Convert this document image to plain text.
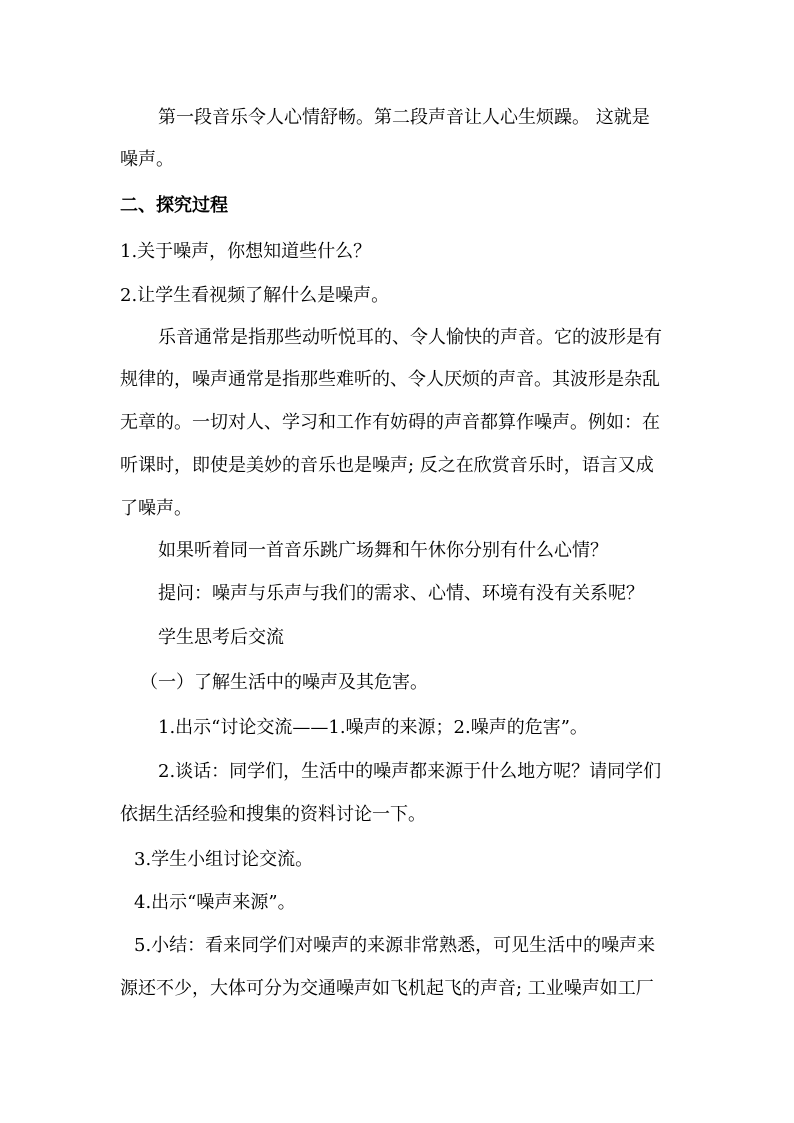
第一段音乐令人心情舒畅。第二段声音让人心生烦躁。 这就是
噪声。
二、探究过程
1.关于噪声，你想知道些什么？
2.让学生看视频了解什么是噪声。
乐音通常是指那些动听悦耳的、令人愉快的声音。它的波形是有
规律的，噪声通常是指那些难听的、令人厌烦的声音。其波形是杂乱
无章的。一切对人、学习和工作有妨碍的声音都算作噪声。例如：在
听课时，即使是美妙的音乐也是噪声; 反之在欣赏音乐时，语言又成
了噪声。
如果听着同一首音乐跳广场舞和午休你分别有什么心情？
提问：噪声与乐声与我们的需求、心情、环境有没有关系呢？
学生思考后交流
（一）了解生活中的噪声及其危害。
1.出示“讨论交流——1.噪声的来源；2.噪声的危害”。
2.谈话：同学们，生活中的噪声都来源于什么地方呢？请同学们
依据生活经验和搜集的资料讨论一下。
3.学生小组讨论交流。
4.出示“噪声来源”。
5.小结：看来同学们对噪声的来源非常熟悉，可见生活中的噪声来
源还不少，大体可分为交通噪声如飞机起飞的声音; 工业噪声如工厂
